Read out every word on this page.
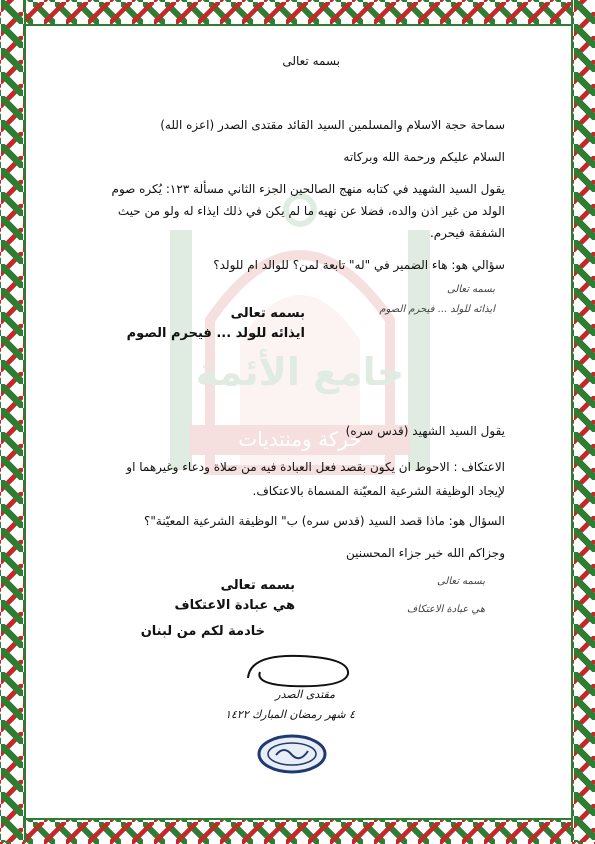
جامع الأئمة
حركة ومنتديات
بسمه تعالى
سماحة حجة الاسلام والمسلمين السيد القائد مقتدى الصدر (اعزه الله)
السلام عليكم ورحمة الله وبركاته
يقول السيد الشهيد في كتابه منهج الصالحين الجزء الثاني مسألة ١٢٣: يُكره صوم
الولد من غير اذن والده، فضلا عن نهيه ما لم يكن في ذلك ايذاء له ولو من حيث
الشفقة فيحرم.
سؤالي هو: هاء الضمير في "له" تابعة لمن؟ للوالد ام للولد؟
بسمه تعالى
ايذائه للولد ... فيحرم الصوم
بسمه تعالى
ايذائه للولد ... فيحرم الصوم
يقول السيد الشهيد (قدس سره)
الاعتكاف : الاحوط ان يكون بقصد فعل العبادة فيه من صلاة ودعاء وغيرهما او
لإيجاد الوظيفة الشرعية المعيّنة المسماة بالاعتكاف.
السؤال هو: ماذا قصد السيد (قدس سره) ب" الوظيفة الشرعية المعيّنة"؟
وجزاكم الله خير جزاء المحسنين
بسمه تعالى
هي عبادة الاعتكاف
بسمه تعالى
هي عبادة الاعتكاف
خادمة لكم من لبنان
مقتدى الصدر
٤ شهر رمضان المبارك ١٤٢٢
